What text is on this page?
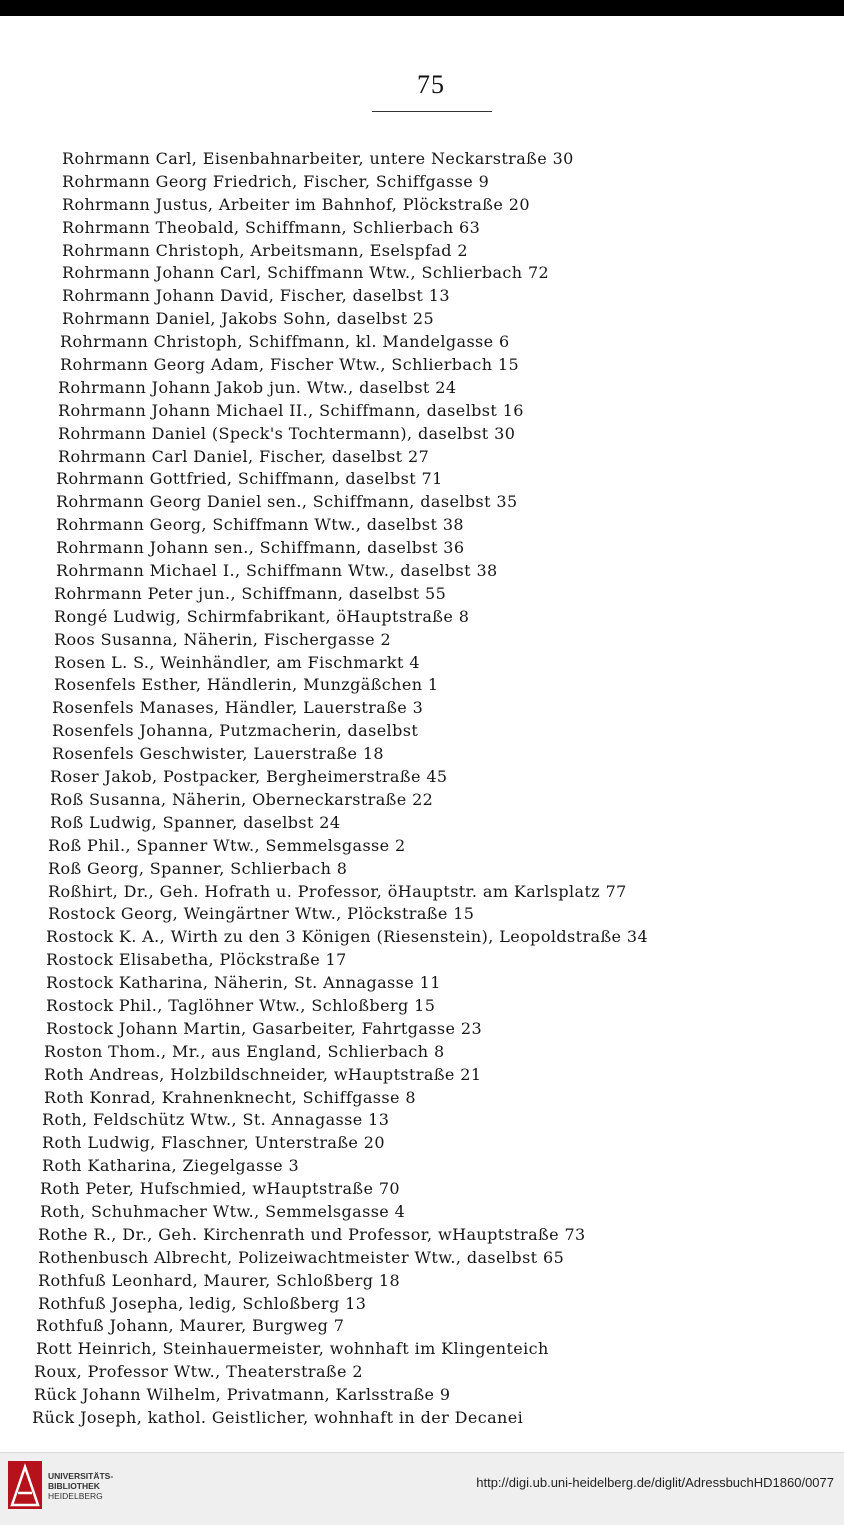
75
Rohrmann Carl, Eisenbahnarbeiter, untere Neckarstraße 30
Rohrmann Georg Friedrich, Fischer, Schiffgasse 9
Rohrmann Justus, Arbeiter im Bahnhof, Plöckstraße 20
Rohrmann Theobald, Schiffmann, Schlierbach 63
Rohrmann Christoph, Arbeitsmann, Eselspfad 2
Rohrmann Johann Carl, Schiffmann Wtw., Schlierbach 72
Rohrmann Johann David, Fischer, daselbst 13
Rohrmann Daniel, Jakobs Sohn, daselbst 25
Rohrmann Christoph, Schiffmann, kl. Mandelgasse 6
Rohrmann Georg Adam, Fischer Wtw., Schlierbach 15
Rohrmann Johann Jakob jun. Wtw., daselbst 24
Rohrmann Johann Michael II., Schiffmann, daselbst 16
Rohrmann Daniel (Speck's Tochtermann), daselbst 30
Rohrmann Carl Daniel, Fischer, daselbst 27
Rohrmann Gottfried, Schiffmann, daselbst 71
Rohrmann Georg Daniel sen., Schiffmann, daselbst 35
Rohrmann Georg, Schiffmann Wtw., daselbst 38
Rohrmann Johann sen., Schiffmann, daselbst 36
Rohrmann Michael I., Schiffmann Wtw., daselbst 38
Rohrmann Peter jun., Schiffmann, daselbst 55
Rongé Ludwig, Schirmfabrikant, öHauptstraße 8
Roos Susanna, Näherin, Fischergasse 2
Rosen L. S., Weinhändler, am Fischmarkt 4
Rosenfels Esther, Händlerin, Munzgäßchen 1
Rosenfels Manases, Händler, Lauerstraße 3
Rosenfels Johanna, Putzmacherin, daselbst
Rosenfels Geschwister, Lauerstraße 18
Roser Jakob, Postpacker, Bergheimerstraße 45
Roß Susanna, Näherin, Oberneckarstraße 22
Roß Ludwig, Spanner, daselbst 24
Roß Phil., Spanner Wtw., Semmelsgasse 2
Roß Georg, Spanner, Schlierbach 8
Roßhirt, Dr., Geh. Hofrath u. Professor, öHauptstr. am Karlsplatz 77
Rostock Georg, Weingärtner Wtw., Plöckstraße 15
Rostock K. A., Wirth zu den 3 Königen (Riesenstein), Leopoldstraße 34
Rostock Elisabetha, Plöckstraße 17
Rostock Katharina, Näherin, St. Annagasse 11
Rostock Phil., Taglöhner Wtw., Schloßberg 15
Rostock Johann Martin, Gasarbeiter, Fahrtgasse 23
Roston Thom., Mr., aus England, Schlierbach 8
Roth Andreas, Holzbildschneider, wHauptstraße 21
Roth Konrad, Krahnenknecht, Schiffgasse 8
Roth, Feldschütz Wtw., St. Annagasse 13
Roth Ludwig, Flaschner, Unterstraße 20
Roth Katharina, Ziegelgasse 3
Roth Peter, Hufschmied, wHauptstraße 70
Roth, Schuhmacher Wtw., Semmelsgasse 4
Rothe R., Dr., Geh. Kirchenrath und Professor, wHauptstraße 73
Rothenbusch Albrecht, Polizeiwachtmeister Wtw., daselbst 65
Rothfuß Leonhard, Maurer, Schloßberg 18
Rothfuß Josepha, ledig, Schloßberg 13
Rothfuß Johann, Maurer, Burgweg 7
Rott Heinrich, Steinhauermeister, wohnhaft im Klingenteich
Roux, Professor Wtw., Theaterstraße 2
Rück Johann Wilhelm, Privatmann, Karlsstraße 9
Rück Joseph, kathol. Geistlicher, wohnhaft in der Decanei
UNIVERSITÄTS-
BIBLIOTHEK
HEIDELBERG
http://digi.ub.uni-heidelberg.de/diglit/AdressbuchHD1860/0077
